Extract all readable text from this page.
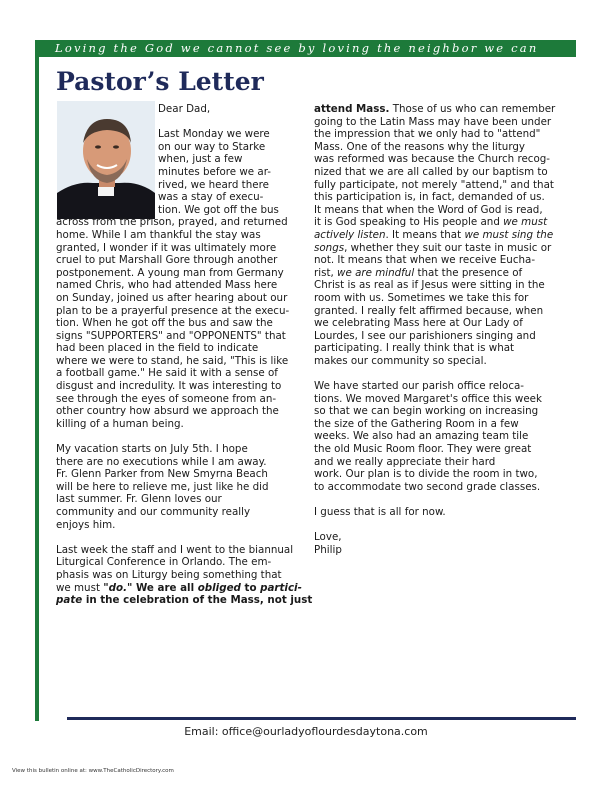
Loving the God we cannot see by loving the neighbor we can
Pastor’s Letter

Dear Dad,

Last Monday we were

on our way to Starke

when, just a few

minutes before we ar-

rived, we heard there

was a stay of execu-

tion. We got off the bus

across from the prison, prayed, and returned

home. While I am thankful the stay was

granted, I wonder if it was ultimately more

cruel to put Marshall Gore through another

postponement. A young man from Germany

named Chris, who had attended Mass here

on Sunday, joined us after hearing about our

plan to be a prayerful presence at the execu-

tion. When he got off the bus and saw the

signs "SUPPORTERS" and "OPPONENTS" that

had been placed in the field to indicate

where we were to stand, he said, "This is like

a football game." He said it with a sense of

disgust and incredulity. It was interesting to

see through the eyes of someone from an-

other country how absurd we approach the

killing of a human being.

My vacation starts on July 5th. I hope

there are no executions while I am away.

Fr. Glenn Parker from New Smyrna Beach

will be here to relieve me, just like he did

last summer. Fr. Glenn loves our

community and our community really

enjoys him.

Last week the staff and I went to the biannual

Liturgical Conference in Orlando. The em-

phasis was on Liturgy being something that

we must "do." We are all obliged to partici-

pate in the celebration of the Mass, not just

attend Mass. Those of us who can remember

going to the Latin Mass may have been under

the impression that we only had to "attend"

Mass. One of the reasons why the liturgy

was reformed was because the Church recog-

nized that we are all called by our baptism to

fully participate, not merely "attend," and that

this participation is, in fact, demanded of us.

It means that when the Word of God is read,

it is God speaking to His people and we must

actively listen. It means that we must sing the

songs, whether they suit our taste in music or

not. It means that when we receive Eucha-

rist, we are mindful that the presence of

Christ is as real as if Jesus were sitting in the

room with us. Sometimes we take this for

granted. I really felt affirmed because, when

we celebrating Mass here at Our Lady of

Lourdes, I see our parishioners singing and

participating. I really think that is what

makes our community so special.

We have started our parish office reloca-

tions. We moved Margaret's office this week

so that we can begin working on increasing

the size of the Gathering Room in a few

weeks. We also had an amazing team tile

the old Music Room floor. They were great

and we really appreciate their hard

work. Our plan is to divide the room in two,

to accommodate two second grade classes.

I guess that is all for now.

Love,

Philip

Email: office@ourladyoflourdesdaytona.com
View this bulletin online at: www.TheCatholicDirectory.com
